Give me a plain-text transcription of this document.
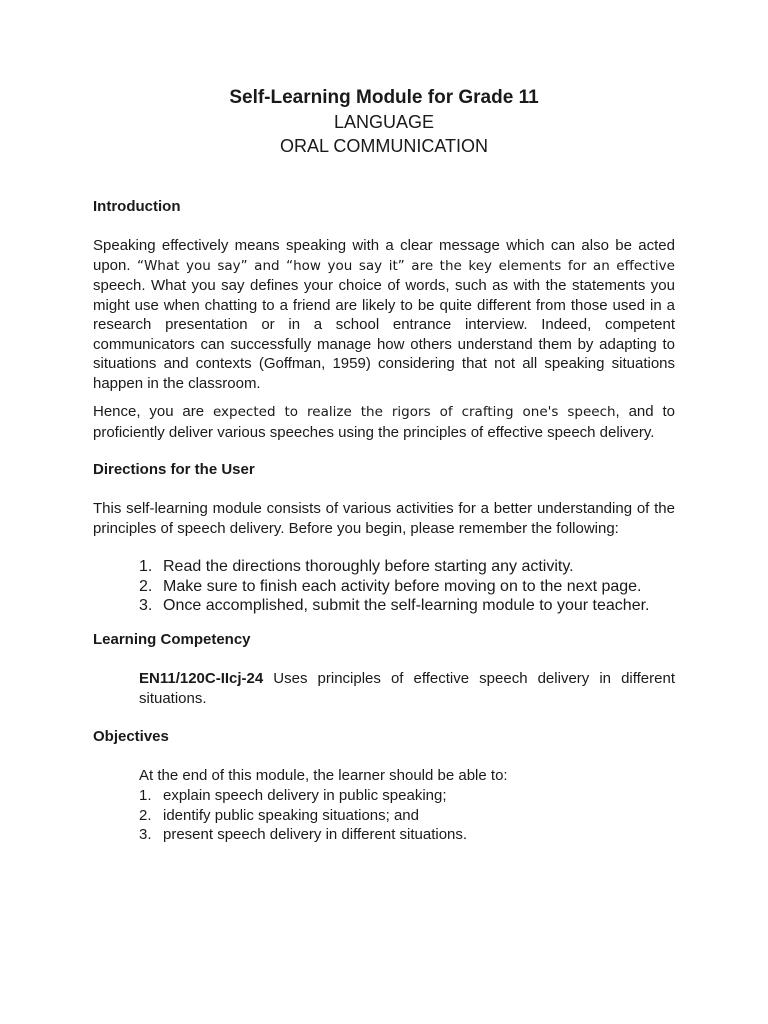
Self-Learning Module for Grade 11

LANGUAGE

ORAL COMMUNICATION

Introduction

Speaking effectively means speaking with a clear message which can also be acted upon. “What you say” and “how you say it” are the key elements for an effective speech. What you say defines your choice of words, such as with the statements you might use when chatting to a friend are likely to be quite different from those used in a research presentation or in a school entrance interview. Indeed, competent communicators can successfully manage how others understand them by adapting to situations and contexts (Goffman, 1959) considering that not all speaking situations happen in the classroom.

Hence, you are expected to realize the rigors of crafting one's speech, and to proficiently deliver various speeches using the principles of effective speech delivery.

Directions for the User

This self-learning module consists of various activities for a better understanding of the principles of speech delivery. Before you begin, please remember the following:

1. Read the directions thoroughly before starting any activity.
2. Make sure to finish each activity before moving on to the next page.
3. Once accomplished, submit the self-learning module to your teacher.

Learning Competency

EN11/120C-IIcj-24 Uses principles of effective speech delivery in different situations.

Objectives

At the end of this module, the learner should be able to:

1. explain speech delivery in public speaking;
2. identify public speaking situations; and
3. present speech delivery in different situations.
